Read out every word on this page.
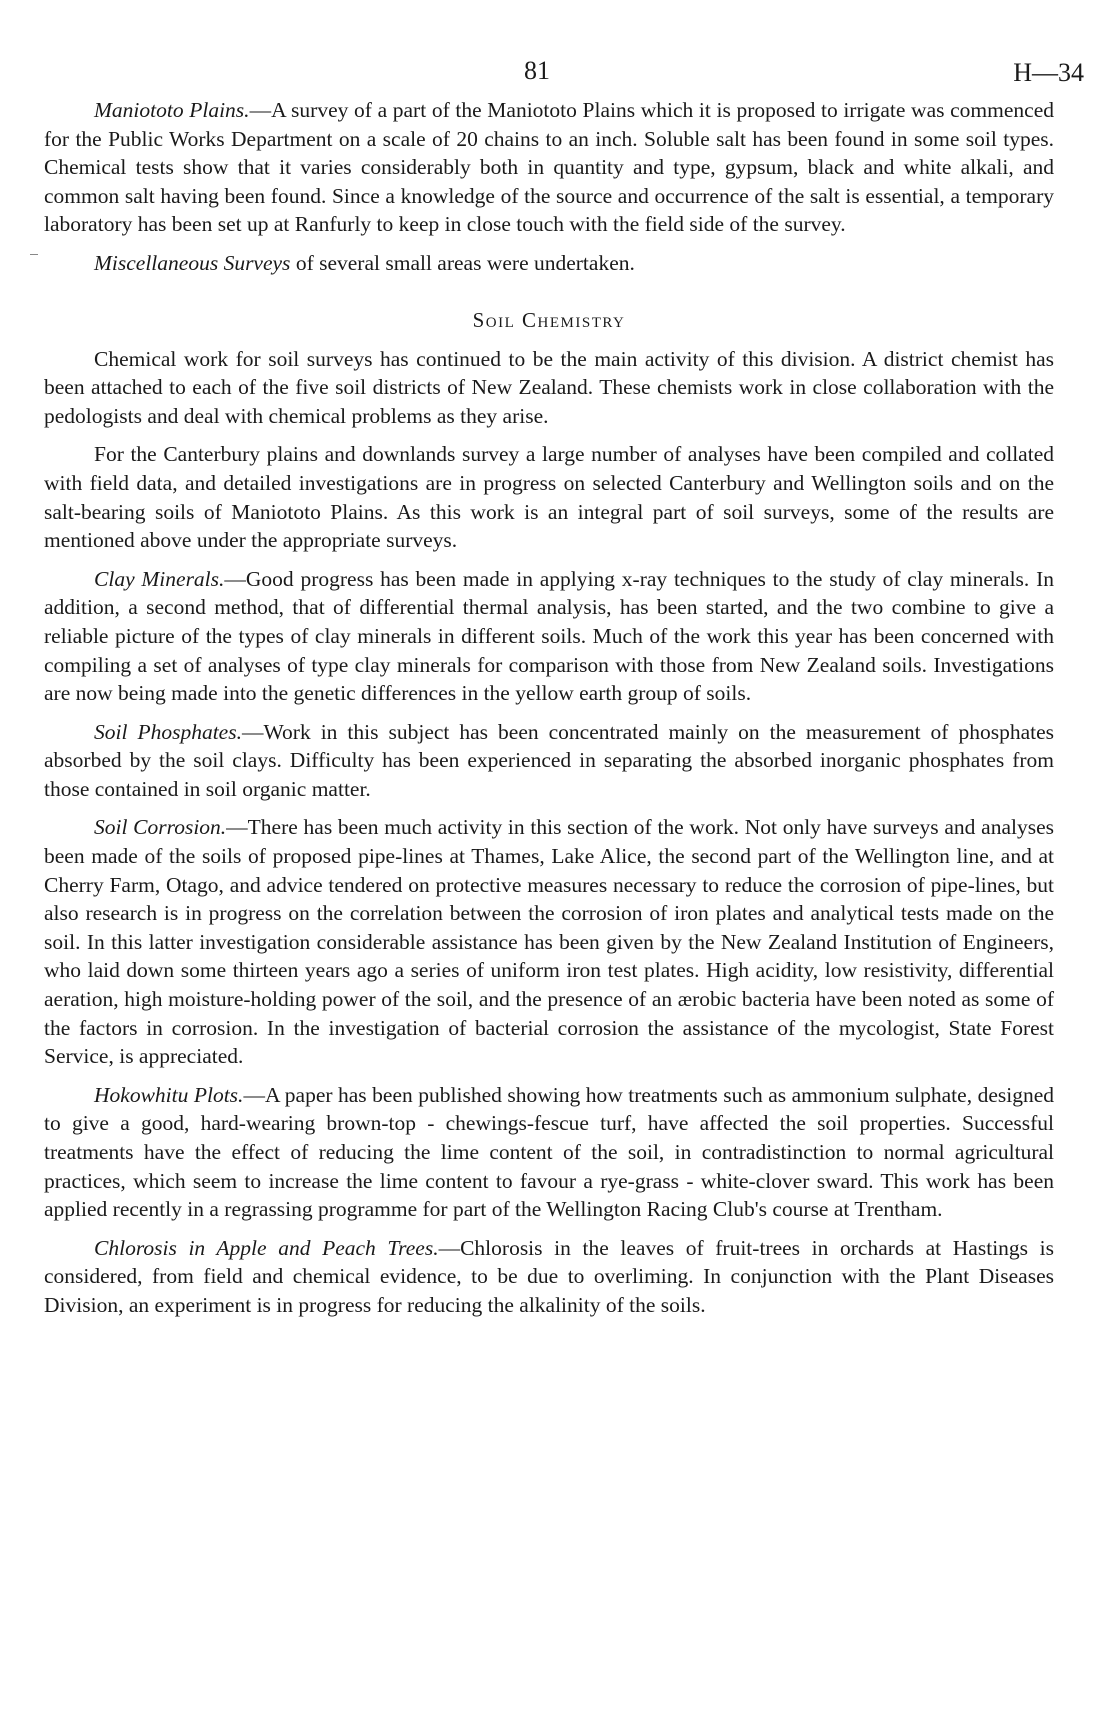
81	H—34

Maniototo Plains.—A survey of a part of the Maniototo Plains which it is proposed to irrigate was commenced for the Public Works Department on a scale of 20 chains to an inch. Soluble salt has been found in some soil types. Chemical tests show that it varies considerably both in quantity and type, gypsum, black and white alkali, and common salt having been found. Since a knowledge of the source and occurrence of the salt is essential, a temporary laboratory has been set up at Ranfurly to keep in close touch with the field side of the survey.

Miscellaneous Surveys of several small areas were undertaken.

Soil Chemistry

Chemical work for soil surveys has continued to be the main activity of this division. A district chemist has been attached to each of the five soil districts of New Zealand. These chemists work in close collaboration with the pedologists and deal with chemical problems as they arise.

For the Canterbury plains and downlands survey a large number of analyses have been compiled and collated with field data, and detailed investigations are in progress on selected Canterbury and Wellington soils and on the salt-bearing soils of Maniototo Plains. As this work is an integral part of soil surveys, some of the results are mentioned above under the appropriate surveys.

Clay Minerals.—Good progress has been made in applying x-ray techniques to the study of clay minerals. In addition, a second method, that of differential thermal analysis, has been started, and the two combine to give a reliable picture of the types of clay minerals in different soils. Much of the work this year has been concerned with compiling a set of analyses of type clay minerals for comparison with those from New Zealand soils. Investigations are now being made into the genetic differences in the yellow earth group of soils.

Soil Phosphates.—Work in this subject has been concentrated mainly on the measurement of phosphates absorbed by the soil clays. Difficulty has been experienced in separating the absorbed inorganic phosphates from those contained in soil organic matter.

Soil Corrosion.—There has been much activity in this section of the work. Not only have surveys and analyses been made of the soils of proposed pipe-lines at Thames, Lake Alice, the second part of the Wellington line, and at Cherry Farm, Otago, and advice tendered on protective measures necessary to reduce the corrosion of pipe-lines, but also research is in progress on the correlation between the corrosion of iron plates and analytical tests made on the soil. In this latter investigation considerable assistance has been given by the New Zealand Institution of Engineers, who laid down some thirteen years ago a series of uniform iron test plates. High acidity, low resistivity, differential aeration, high moisture-holding power of the soil, and the presence of an ærobic bacteria have been noted as some of the factors in corrosion. In the investigation of bacterial corrosion the assistance of the mycologist, State Forest Service, is appreciated.

Hokowhitu Plots.—A paper has been published showing how treatments such as ammonium sulphate, designed to give a good, hard-wearing brown-top - chewings-fescue turf, have affected the soil properties. Successful treatments have the effect of reducing the lime content of the soil, in contradistinction to normal agricultural practices, which seem to increase the lime content to favour a rye-grass - white-clover sward. This work has been applied recently in a regrassing programme for part of the Wellington Racing Club's course at Trentham.

Chlorosis in Apple and Peach Trees.—Chlorosis in the leaves of fruit-trees in orchards at Hastings is considered, from field and chemical evidence, to be due to overliming. In conjunction with the Plant Diseases Division, an experiment is in progress for reducing the alkalinity of the soils.
